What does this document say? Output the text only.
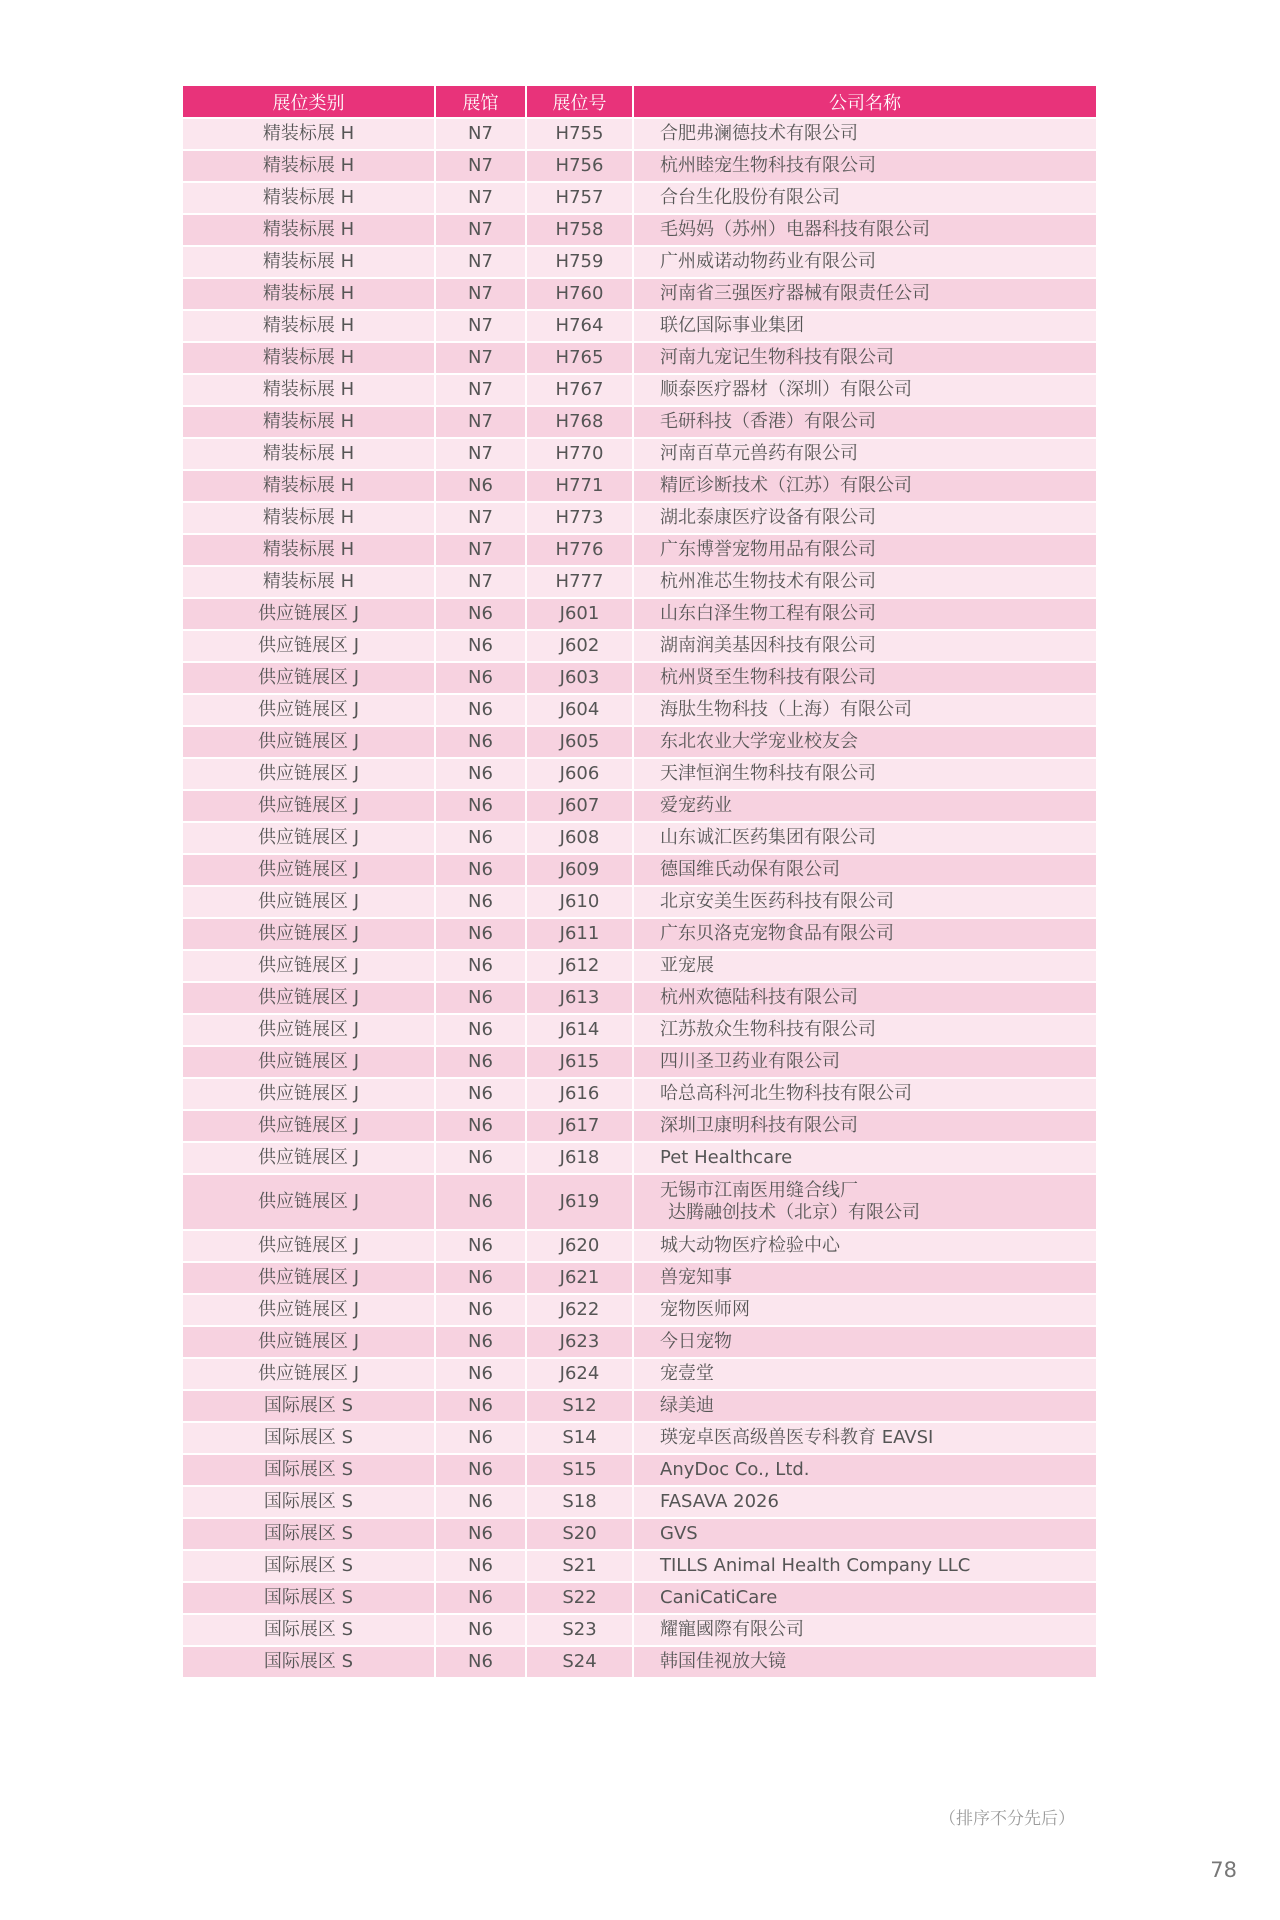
展位类别	展馆	展位号	公司名称
精装标展 H	N7	H755	合肥弗澜德技术有限公司

精装标展 H	N7	H756	杭州睦宠生物科技有限公司

精装标展 H	N7	H757	合台生化股份有限公司

精装标展 H	N7	H758	毛妈妈（苏州）电器科技有限公司

精装标展 H	N7	H759	广州威诺动物药业有限公司

精装标展 H	N7	H760	河南省三强医疗器械有限责任公司

精装标展 H	N7	H764	联亿国际事业集团

精装标展 H	N7	H765	河南九宠记生物科技有限公司

精装标展 H	N7	H767	顺泰医疗器材（深圳）有限公司

精装标展 H	N7	H768	毛研科技（香港）有限公司

精装标展 H	N7	H770	河南百草元兽药有限公司

精装标展 H	N6	H771	精匠诊断技术（江苏）有限公司

精装标展 H	N7	H773	湖北泰康医疗设备有限公司

精装标展 H	N7	H776	广东博誉宠物用品有限公司

精装标展 H	N7	H777	杭州准芯生物技术有限公司

供应链展区 J	N6	J601	山东白泽生物工程有限公司

供应链展区 J	N6	J602	湖南润美基因科技有限公司

供应链展区 J	N6	J603	杭州贤至生物科技有限公司

供应链展区 J	N6	J604	海肽生物科技（上海）有限公司

供应链展区 J	N6	J605	东北农业大学宠业校友会

供应链展区 J	N6	J606	天津恒润生物科技有限公司

供应链展区 J	N6	J607	爱宠药业

供应链展区 J	N6	J608	山东诚汇医药集团有限公司

供应链展区 J	N6	J609	德国维氏动保有限公司

供应链展区 J	N6	J610	北京安美生医药科技有限公司

供应链展区 J	N6	J611	广东贝洛克宠物食品有限公司

供应链展区 J	N6	J612	亚宠展

供应链展区 J	N6	J613	杭州欢德陆科技有限公司

供应链展区 J	N6	J614	江苏敖众生物科技有限公司

供应链展区 J	N6	J615	四川圣卫药业有限公司

供应链展区 J	N6	J616	哈总高科河北生物科技有限公司

供应链展区 J	N6	J617	深圳卫康明科技有限公司

供应链展区 J	N6	J618	Pet Healthcare

供应链展区 J	N6	J619	无锡市江南医用缝合线厂
达腾融创技术（北京）有限公司

供应链展区 J	N6	J620	城大动物医疗检验中心

供应链展区 J	N6	J621	兽宠知事

供应链展区 J	N6	J622	宠物医师网

供应链展区 J	N6	J623	今日宠物

供应链展区 J	N6	J624	宠壹堂

国际展区 S	N6	S12	绿美迪

国际展区 S	N6	S14	瑛宠卓医高级兽医专科教育 EAVSI

国际展区 S	N6	S15	AnyDoc Co., Ltd.

国际展区 S	N6	S18	FASAVA 2026

国际展区 S	N6	S20	GVS

国际展区 S	N6	S21	TILLS Animal Health Company LLC

国际展区 S	N6	S22	CaniCatiCare

国际展区 S	N6	S23	耀寵國際有限公司

国际展区 S	N6	S24	韩国佳视放大镜
（排序不分先后）
78
